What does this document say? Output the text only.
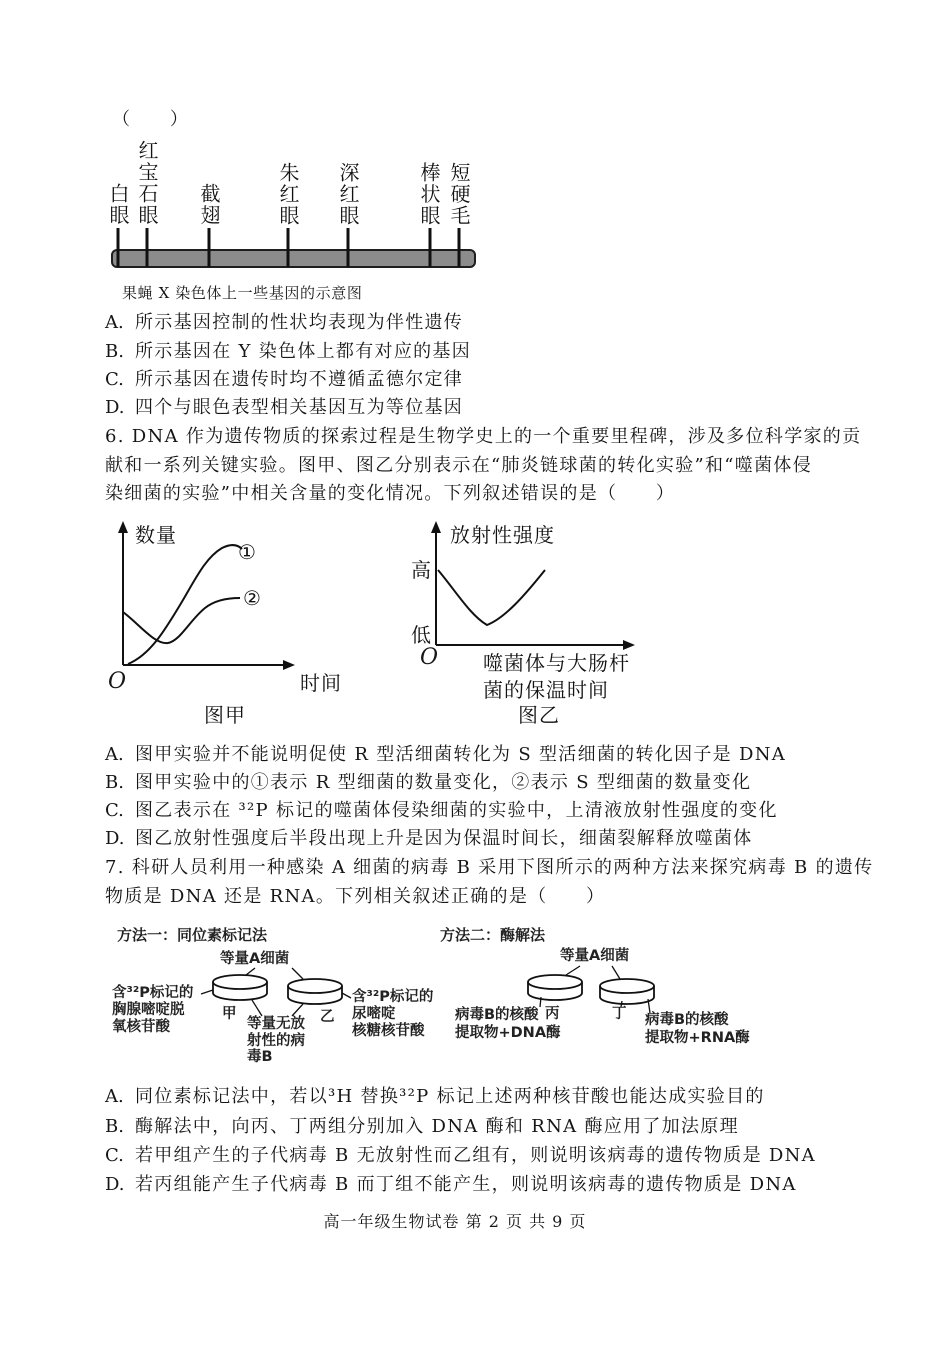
（　　）
白眼 红宝石眼 截翅	朱红眼 深红眼	棒状眼 短硬毛
果蝇 X 染色体上一些基因的示意图
A. 所示基因控制的性状均表现为伴性遗传
B. 所示基因在 Y 染色体上都有对应的基因
C. 所示基因在遗传时均不遵循孟德尔定律
D. 四个与眼色表型相关基因互为等位基因
6. DNA 作为遗传物质的探索过程是生物学史上的一个重要里程碑，涉及多位科学家的贡
献和一系列关键实验。图甲、图乙分别表示在“肺炎链球菌的转化实验”和“噬菌体侵
染细菌的实验”中相关含量的变化情况。下列叙述错误的是（　　）
数量
①
②
O	时间
图甲
放射性强度
高
低
O 噬菌体与大肠杆
菌的保温时间
图乙
A. 图甲实验并不能说明促使 R 型活细菌转化为 S 型活细菌的转化因子是 DNA
B. 图甲实验中的①表示 R 型细菌的数量变化，②表示 S 型细菌的数量变化
C. 图乙表示在 ³²P 标记的噬菌体侵染细菌的实验中，上清液放射性强度的变化
D. 图乙放射性强度后半段出现上升是因为保温时间长，细菌裂解释放噬菌体
7. 科研人员利用一种感染 A 细菌的病毒 B 采用下图所示的两种方法来探究病毒 B 的遗传
物质是 DNA 还是 RNA。下列相关叙述正确的是（　　）
方法一：同位素标记法
等量A细菌
含³²P标记的
胸腺嘧啶脱
氧核苷酸
甲	乙
含³²P标记的
尿嘧啶
核糖核苷酸
等量无放
射性的病
毒B
方法二：酶解法
等量A细菌
病毒B的核酸
提取物+DNA酶
丙	丁 病毒B的核酸
提取物+RNA酶
A. 同位素标记法中，若以³H 替换³²P 标记上述两种核苷酸也能达成实验目的
B. 酶解法中，向丙、丁两组分别加入 DNA 酶和 RNA 酶应用了加法原理
C. 若甲组产生的子代病毒 B 无放射性而乙组有，则说明该病毒的遗传物质是 DNA
D. 若丙组能产生子代病毒 B 而丁组不能产生，则说明该病毒的遗传物质是 DNA
高一年级生物试卷 第 2 页 共 9 页
